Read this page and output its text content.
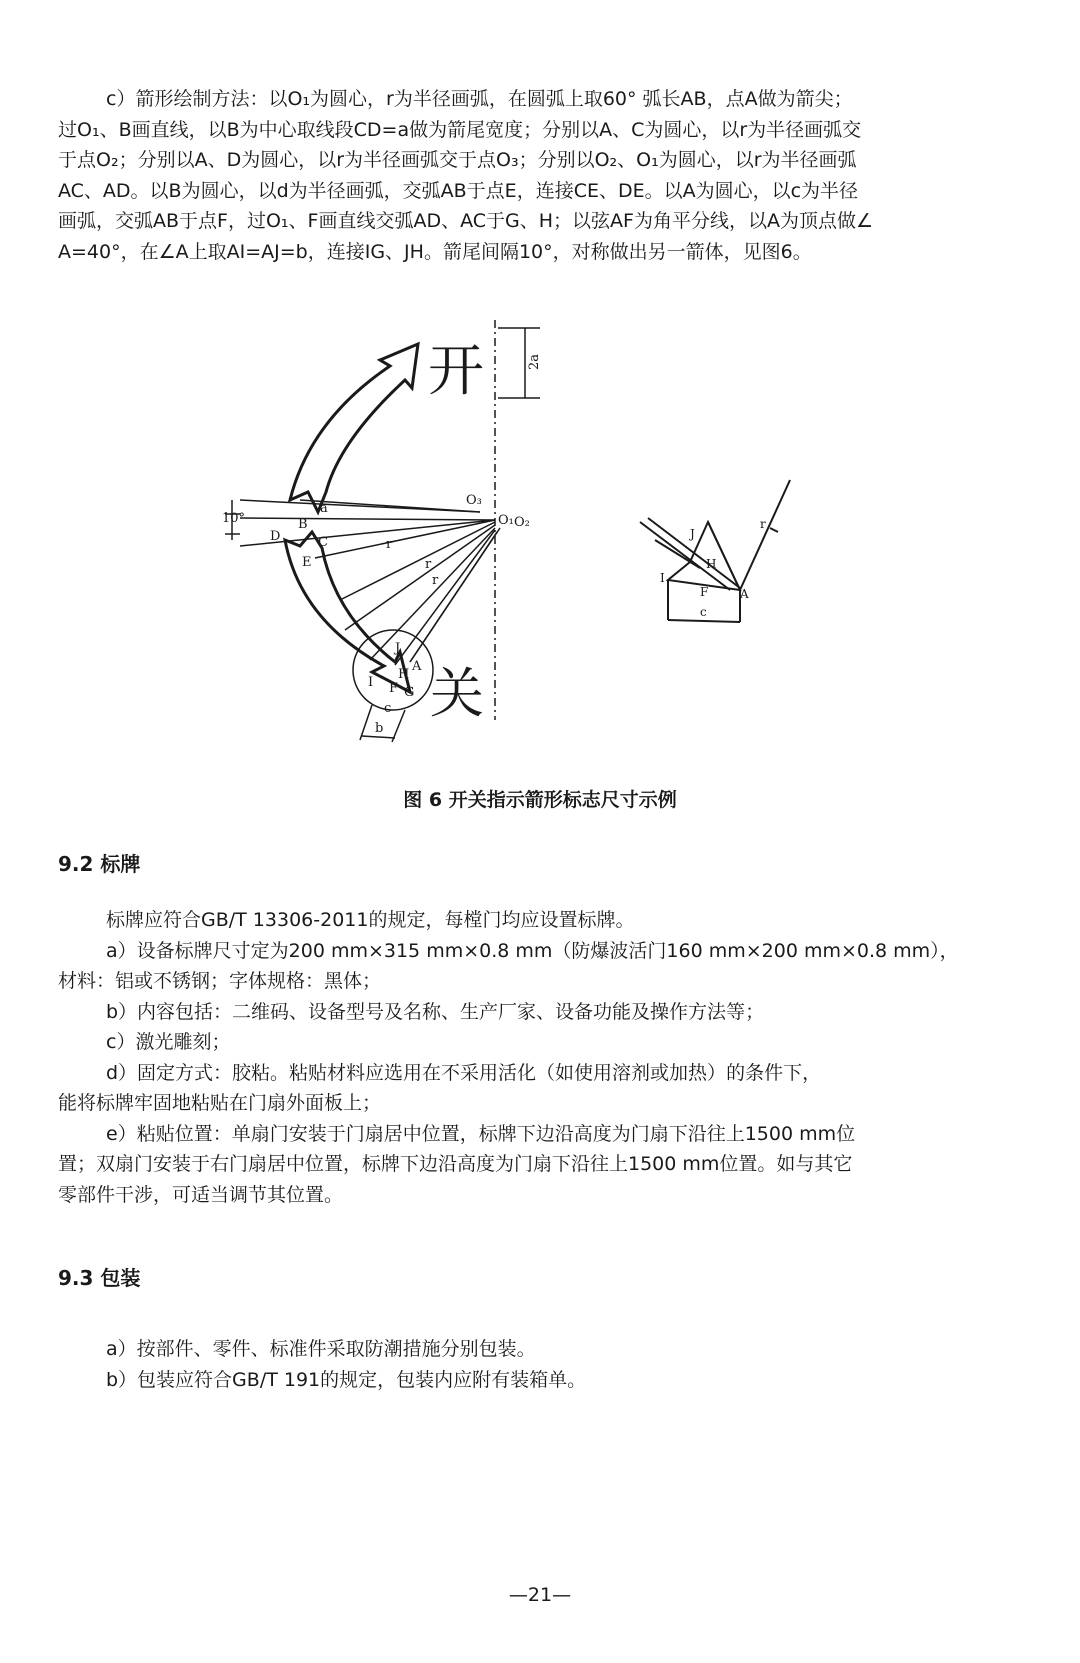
c）箭形绘制方法：以O₁为圆心，r为半径画弧，在圆弧上取60° 弧长AB，点A做为箭尖；
过O₁、B画直线，以B为中心取线段CD=a做为箭尾宽度；分别以A、C为圆心，以r为半径画弧交
于点O₂；分别以A、D为圆心，以r为半径画弧交于点O₃；分别以O₂、O₁为圆心，以r为半径画弧
AC、AD。以B为圆心，以d为半径画弧，交弧AB于点E，连接CE、DE。以A为圆心，以c为半径
画弧，交弧AB于点F，过O₁、F画直线交弧AD、AC于G、H；以弦AF为角平分线，以A为顶点做∠
A=40°，在∠A上取AI=AJ=b，连接IG、JH。箭尾间隔10°，对称做出另一箭体，见图6。
2a
开
关
10°
a
B
C
D
E
r
r
r
O₃
O₁ O₂
I
J
H
F G
A
c
b
J
H
I
F	A
c
r

图 6 开关指示箭形标志尺寸示例

9.2 标牌

标牌应符合GB/T 13306-2011的规定，每樘门均应设置标牌。
a）设备标牌尺寸定为200 mm×315 mm×0.8 mm（防爆波活门160 mm×200 mm×0.8 mm），
材料：铝或不锈钢；字体规格：黑体；
b）内容包括：二维码、设备型号及名称、生产厂家、设备功能及操作方法等；
c）激光雕刻；
d）固定方式：胶粘。粘贴材料应选用在不采用活化（如使用溶剂或加热）的条件下，
能将标牌牢固地粘贴在门扇外面板上；
e）粘贴位置：单扇门安装于门扇居中位置，标牌下边沿高度为门扇下沿往上1500 mm位
置；双扇门安装于右门扇居中位置，标牌下边沿高度为门扇下沿往上1500 mm位置。如与其它
零部件干涉，可适当调节其位置。

9.3 包装

a）按部件、零件、标准件采取防潮措施分别包装。
b）包装应符合GB/T 191的规定，包装内应附有装箱单。

—21—
